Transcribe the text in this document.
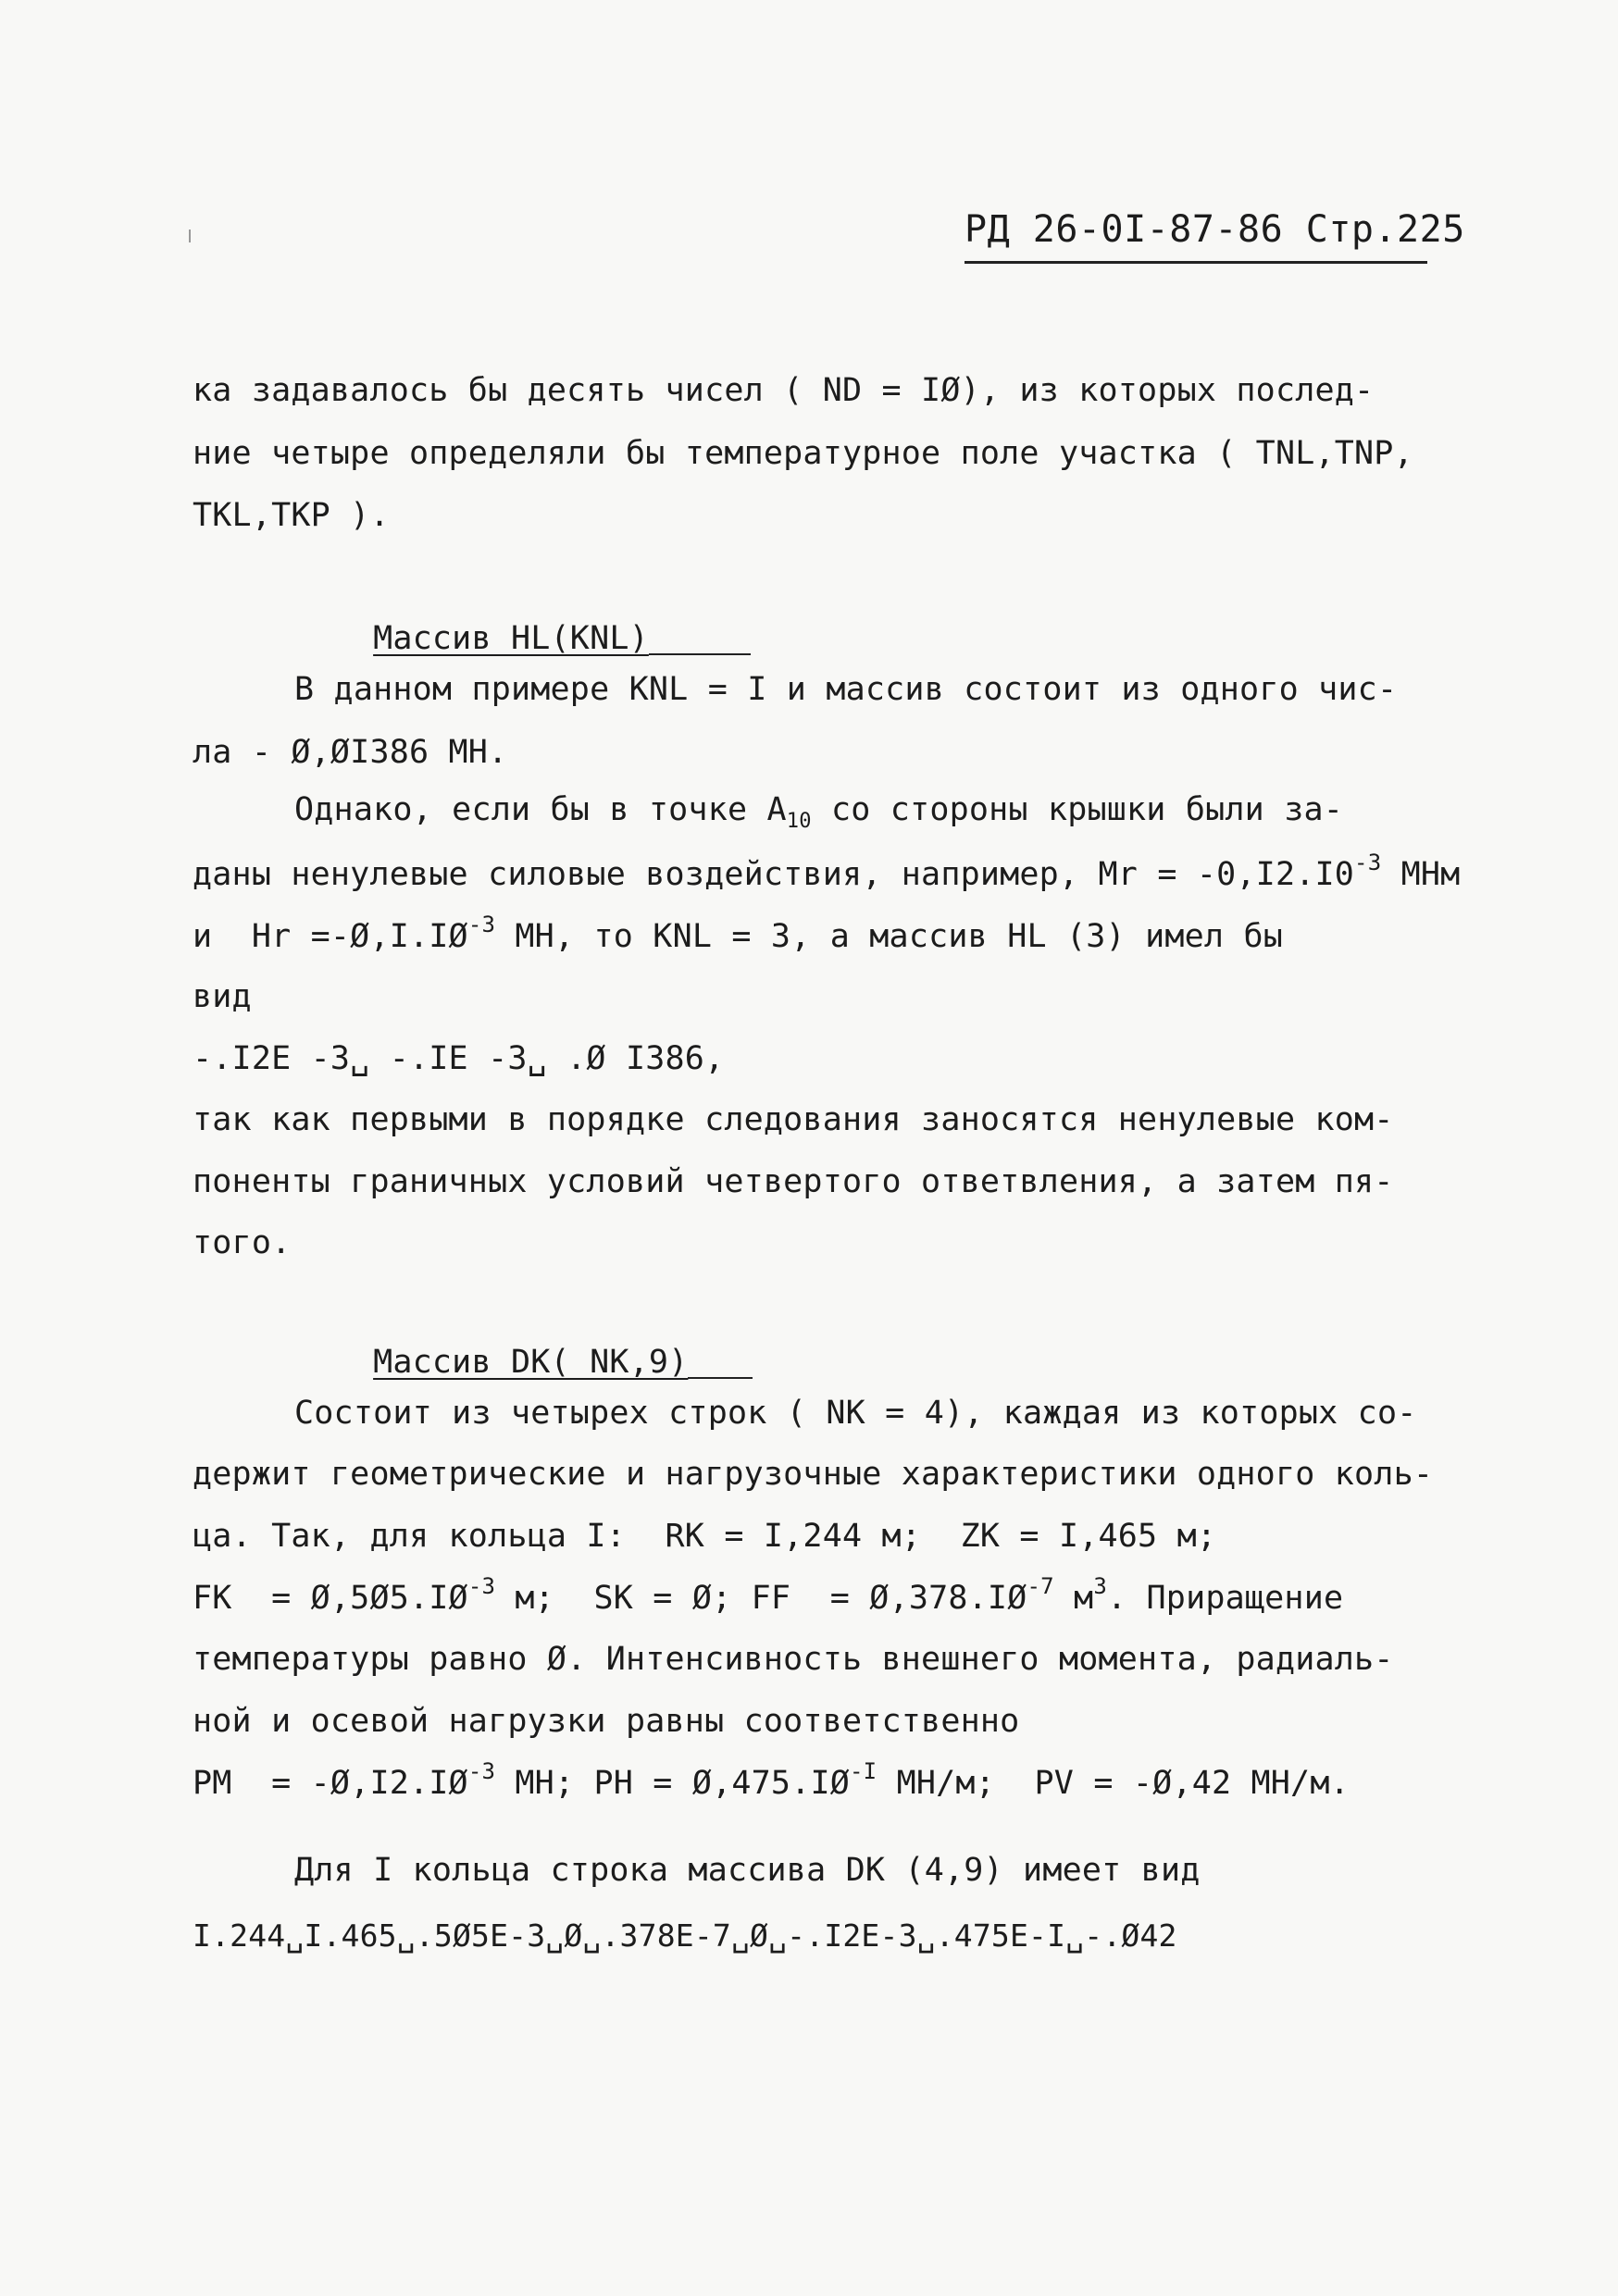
РД 26-0I-87-86 Стр.225
ка задавалось бы десять чисел ( ND = IØ), из которых послед-
ние четыре определяли бы температурное поле участка ( TNL,TNP,
TKL,TKP ).

Массив HL(KNL)

В данном примере KNL = I и массив состоит из одного чис-
ла - Ø,ØI386 МН.
Однако, если бы в точке $A_{10}$ со стороны крышки были за-
даны ненулевые силовые воздействия, например, Мr = $-0,I2.I0^{-3}$ МНм
и  Нr $=-Ø,I.IØ^{-3}$ МН, то KNL = 3, а массив HL (3) имел бы
вид
-.I2E -3␣ -.IE -3␣ .Ø I386,
так как первыми в порядке следования заносятся ненулевые ком-
поненты граничных условий четвертого ответвления, а затем пя-
того.

Массив DK( NK,9)

Состоит из четырех строк ( NK = 4), каждая из которых со-
держит геометрические и нагрузочные характеристики одного коль-
ца. Так, для кольца I:  RK = I,244 м;  ZK = I,465 м;
FK  = $Ø,5Ø5.IØ^{-3}$ м;  SK = Ø; FF  = $Ø,378.IØ^{-7}$ $м^3$. Приращение
температуры равно Ø. Интенсивность внешнего момента, радиаль-
ной и осевой нагрузки равны соответственно
PM  = $-Ø,I2.IØ^{-3}$ МН; PH = $Ø,475.IØ^{-I}$ МН/м;  PV = -Ø,42 МН/м.
Для I кольца строка массива DK (4,9) имеет вид
I.244␣I.465␣.5Ø5E-3␣Ø␣.378E-7␣Ø␣-.I2E-3␣.475E-I␣-.Ø42
